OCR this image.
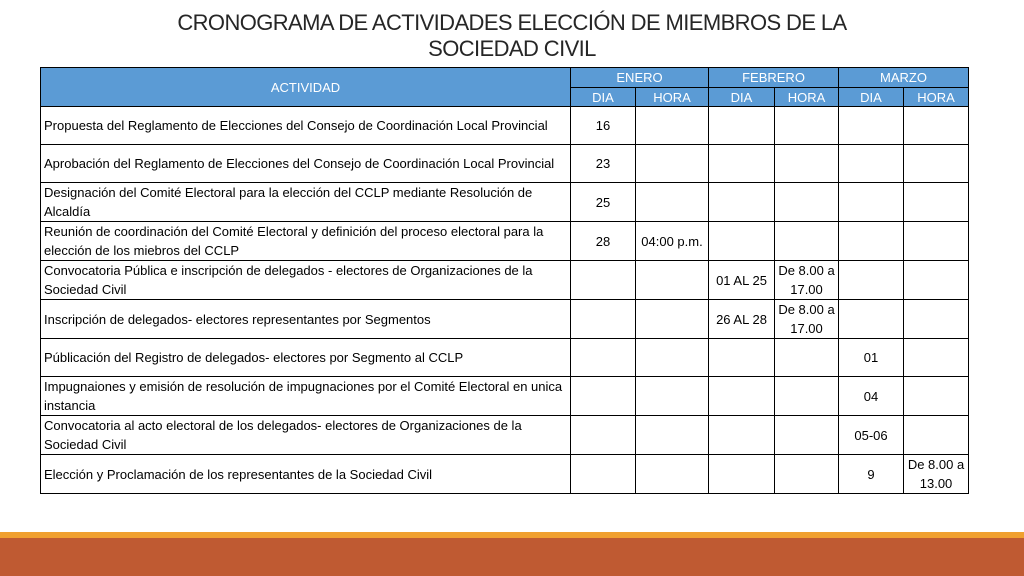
CRONOGRAMA DE ACTIVIDADES ELECCIÓN DE MIEMBROS DE LA
SOCIEDAD CIVIL
ACTIVIDAD	ENERO		FEBRERO		MARZO	
	DIA	HORA	DIA	HORA	DIA	HORA
Propuesta del Reglamento de Elecciones del Consejo de Coordinación Local Provincial	16					
Aprobación del Reglamento de Elecciones del Consejo de Coordinación Local Provincial	23					
Designación del Comité Electoral para la elección del CCLP mediante Resolución de Alcaldía	25					
Reunión de coordinación del Comité Electoral y definición del proceso electoral para la elección de los miebros del CCLP	28	04:00 p.m.				
Convocatoria Pública e inscripción de delegados - electores de Organizaciones de la Sociedad Civil			01 AL 25	De 8.00 a 17.00		
Inscripción de delegados- electores representantes por Segmentos			26 AL 28	De 8.00 a 17.00		
Públicación del Registro de delegados- electores por Segmento al CCLP					01	
Impugnaiones y emisión de resolución de impugnaciones por el Comité Electoral en unica instancia					04	
Convocatoria al acto electoral de los delegados- electores de Organizaciones de la Sociedad Civil					05-06	
Elección y Proclamación de los representantes de la Sociedad Civil					9	De 8.00 a 13.00
